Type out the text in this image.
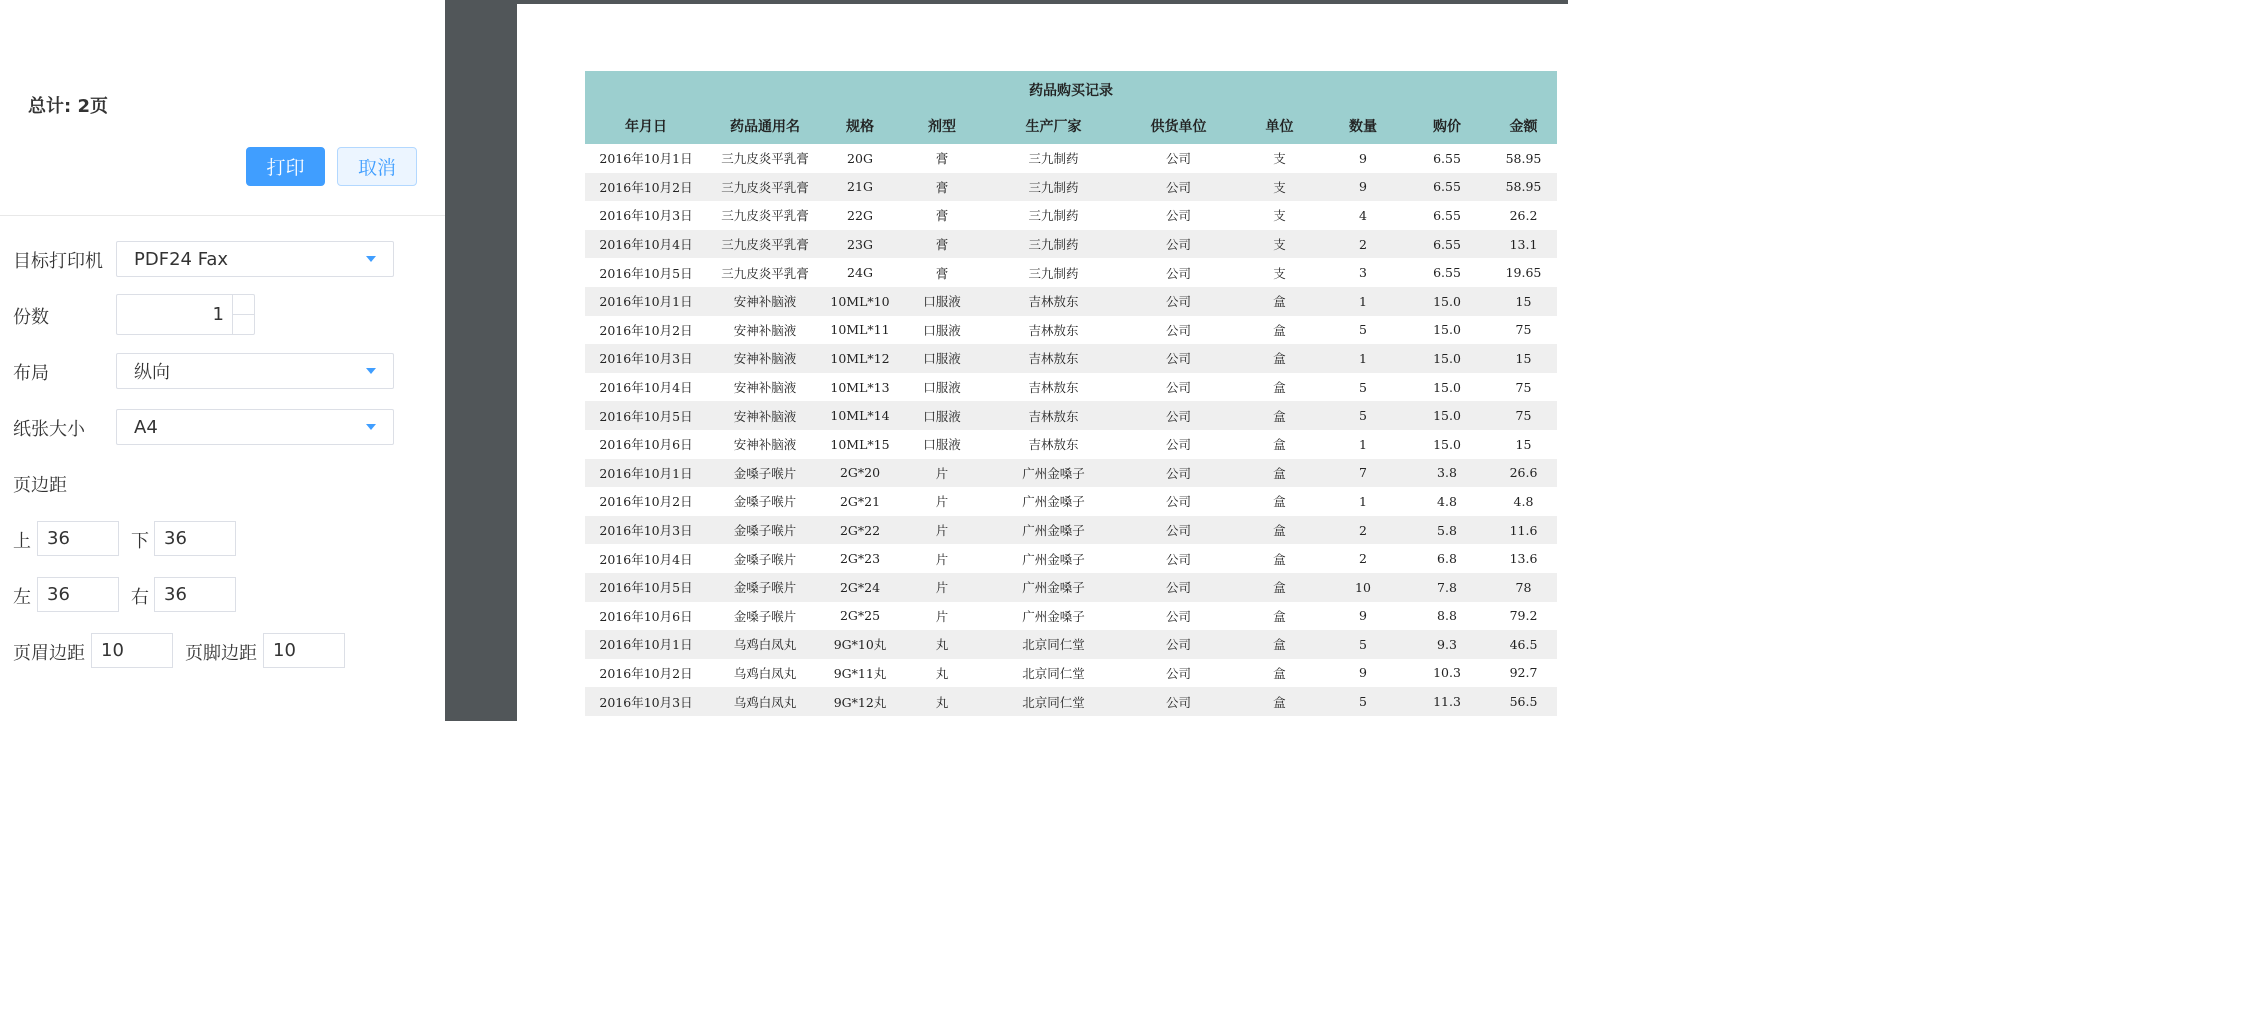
总计: 2页
打印	取消
目标打印机 PDF24 Fax
份数	1
布局	纵向
纸张大小	A4
页边距
上 36	下 36
左 36	右 36
页眉边距 10	页脚边距 10
药品购买记录
年月日	药品通用名	规格	剂型	生产厂家	供货单位	单位	数量	购价	金额
2016年10月1日	三九皮炎平乳膏	20G	膏	三九制药	公司	支	9	6.55	58.95
2016年10月2日	三九皮炎平乳膏	21G	膏	三九制药	公司	支	9	6.55	58.95
2016年10月3日	三九皮炎平乳膏	22G	膏	三九制药	公司	支	4	6.55	26.2
2016年10月4日	三九皮炎平乳膏	23G	膏	三九制药	公司	支	2	6.55	13.1
2016年10月5日	三九皮炎平乳膏	24G	膏	三九制药	公司	支	3	6.55	19.65
2016年10月1日	安神补脑液	10ML*10	口服液	吉林敖东	公司	盒	1	15.0	15
2016年10月2日	安神补脑液	10ML*11	口服液	吉林敖东	公司	盒	5	15.0	75
2016年10月3日	安神补脑液	10ML*12	口服液	吉林敖东	公司	盒	1	15.0	15
2016年10月4日	安神补脑液	10ML*13	口服液	吉林敖东	公司	盒	5	15.0	75
2016年10月5日	安神补脑液	10ML*14	口服液	吉林敖东	公司	盒	5	15.0	75
2016年10月6日	安神补脑液	10ML*15	口服液	吉林敖东	公司	盒	1	15.0	15
2016年10月1日	金嗓子喉片	2G*20	片	广州金嗓子	公司	盒	7	3.8	26.6
2016年10月2日	金嗓子喉片	2G*21	片	广州金嗓子	公司	盒	1	4.8	4.8
2016年10月3日	金嗓子喉片	2G*22	片	广州金嗓子	公司	盒	2	5.8	11.6
2016年10月4日	金嗓子喉片	2G*23	片	广州金嗓子	公司	盒	2	6.8	13.6
2016年10月5日	金嗓子喉片	2G*24	片	广州金嗓子	公司	盒	10	7.8	78
2016年10月6日	金嗓子喉片	2G*25	片	广州金嗓子	公司	盒	9	8.8	79.2
2016年10月1日	乌鸡白凤丸	9G*10丸	丸	北京同仁堂	公司	盒	5	9.3	46.5
2016年10月2日	乌鸡白凤丸	9G*11丸	丸	北京同仁堂	公司	盒	9	10.3	92.7
2016年10月3日	乌鸡白凤丸	9G*12丸	丸	北京同仁堂	公司	盒	5	11.3	56.5
